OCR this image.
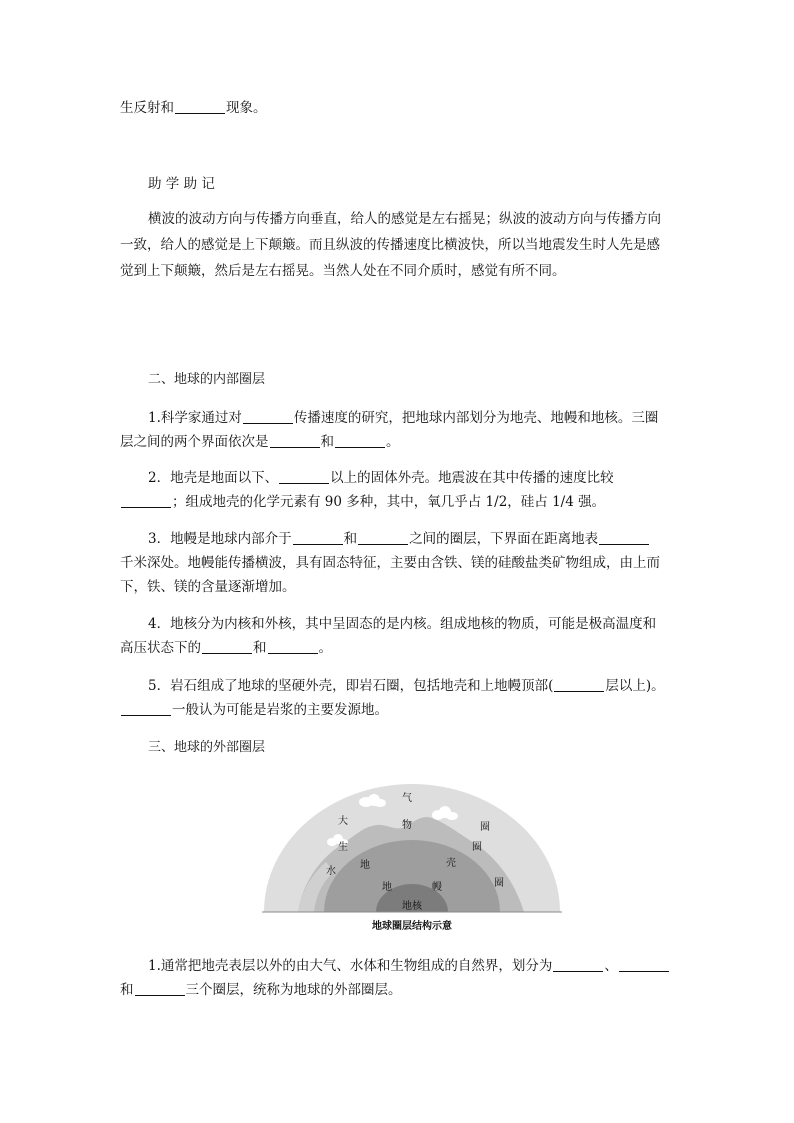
生反射和	现象。
助 学 助 记
横波的波动方向与传播方向垂直，给人的感觉是左右摇晃；纵波的波动方向与传播方向
一致，给人的感觉是上下颠簸。而且纵波的传播速度比横波快，所以当地震发生时人先是感
觉到上下颠簸，然后是左右摇晃。当然人处在不同介质时，感觉有所不同。
二、地球的内部圈层
1.科学家通过对	传播速度的研究，把地球内部划分为地壳、地幔和地核。三圈
层之间的两个界面依次是	和	。
2．地壳是地面以下、	以上的固体外壳。地震波在其中传播的速度比较
；组成地壳的化学元素有 90 多种，其中，氧几乎占 1/2，硅占 1/4 强。
3．地幔是地球内部介于	和	之间的圈层，下界面在距离地表
千米深处。地幔能传播横波，具有固态特征，主要由含铁、镁的硅酸盐类矿物组成，由上而
下，铁、镁的含量逐渐增加。
4．地核分为内核和外核，其中呈固态的是内核。组成地核的物质，可能是极高温度和
高压状态下的	和	。
5．岩石组成了地球的坚硬外壳，即岩石圈，包括地壳和上地幔顶部(	层以上)。
一般认为可能是岩浆的主要发源地。
三、地球的外部圈层
大
气
圈
生
物
圈
水
地	壳
圈
地	幔
地核
地球圈层结构示意
1.通常把地壳表层以外的由大气、水体和生物组成的自然界，划分为	、
和	三个圈层，统称为地球的外部圈层。
